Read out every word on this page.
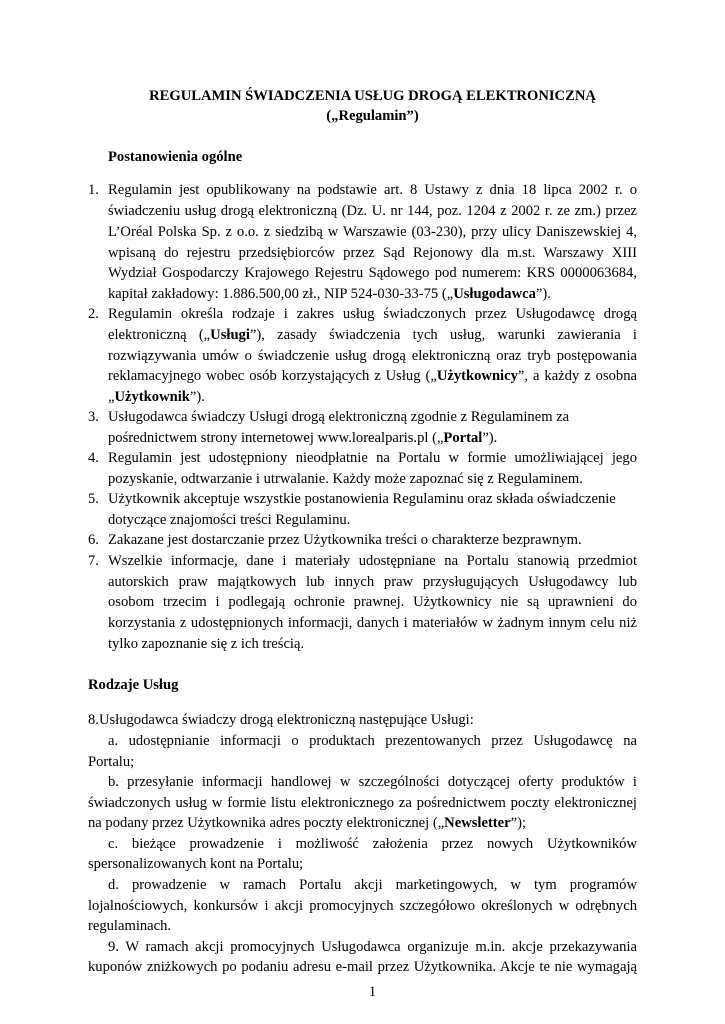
REGULAMIN ŚWIADCZENIA USŁUG DROGĄ ELEKTRONICZNĄ
(„Regulamin”)
Postanowienia ogólne
1. Regulamin jest opublikowany na podstawie art. 8 Ustawy z dnia 18 lipca 2002 r. o
świadczeniu usług drogą elektroniczną (Dz. U. nr 144, poz. 1204 z 2002 r. ze zm.) przez
L’Oréal Polska Sp. z o.o. z siedzibą w Warszawie (03-230), przy ulicy Daniszewskiej 4,
wpisaną do rejestru przedsiębiorców przez Sąd Rejonowy dla m.st. Warszawy XIII
Wydział Gospodarczy Krajowego Rejestru Sądowego pod numerem: KRS 0000063684,
kapitał zakładowy: 1.886.500,00 zł., NIP 524-030-33-75 („Usługodawca”).
2. Regulamin określa rodzaje i zakres usług świadczonych przez Usługodawcę drogą
elektroniczną („Usługi”), zasady świadczenia tych usług, warunki zawierania i
rozwiązywania umów o świadczenie usług drogą elektroniczną oraz tryb postępowania
reklamacyjnego wobec osób korzystających z Usług („Użytkownicy”, a każdy z osobna
„Użytkownik”).
3. Usługodawca świadczy Usługi drogą elektroniczną zgodnie z Regulaminem za
pośrednictwem strony internetowej www.lorealparis.pl („Portal”).
4. Regulamin jest udostępniony nieodpłatnie na Portalu w formie umożliwiającej jego
pozyskanie, odtwarzanie i utrwalanie. Każdy może zapoznać się z Regulaminem.
5. Użytkownik akceptuje wszystkie postanowienia Regulaminu oraz składa oświadczenie
dotyczące znajomości treści Regulaminu.
6. Zakazane jest dostarczanie przez Użytkownika treści o charakterze bezprawnym.
7. Wszelkie informacje, dane i materiały udostępniane na Portalu stanowią przedmiot
autorskich praw majątkowych lub innych praw przysługujących Usługodawcy lub
osobom trzecim i podlegają ochronie prawnej. Użytkownicy nie są uprawnieni do
korzystania z udostępnionych informacji, danych i materiałów w żadnym innym celu niż
tylko zapoznanie się z ich treścią.
Rodzaje Usług
8.Usługodawca świadczy drogą elektroniczną następujące Usługi:
a. udostępnianie informacji o produktach prezentowanych przez Usługodawcę na
Portalu;
b. przesyłanie informacji handlowej w szczególności dotyczącej oferty produktów i
świadczonych usług w formie listu elektronicznego za pośrednictwem poczty elektronicznej
na podany przez Użytkownika adres poczty elektronicznej („Newsletter”);
c. bieżące prowadzenie i możliwość założenia przez nowych Użytkowników
spersonalizowanych kont na Portalu;
d. prowadzenie w ramach Portalu akcji marketingowych, w tym programów
lojalnościowych, konkursów i akcji promocyjnych szczegółowo określonych w odrębnych
regulaminach.
9. W ramach akcji promocyjnych Usługodawca organizuje m.in. akcje przekazywania
kuponów zniżkowych po podaniu adresu e-mail przez Użytkownika. Akcje te nie wymagają
1
